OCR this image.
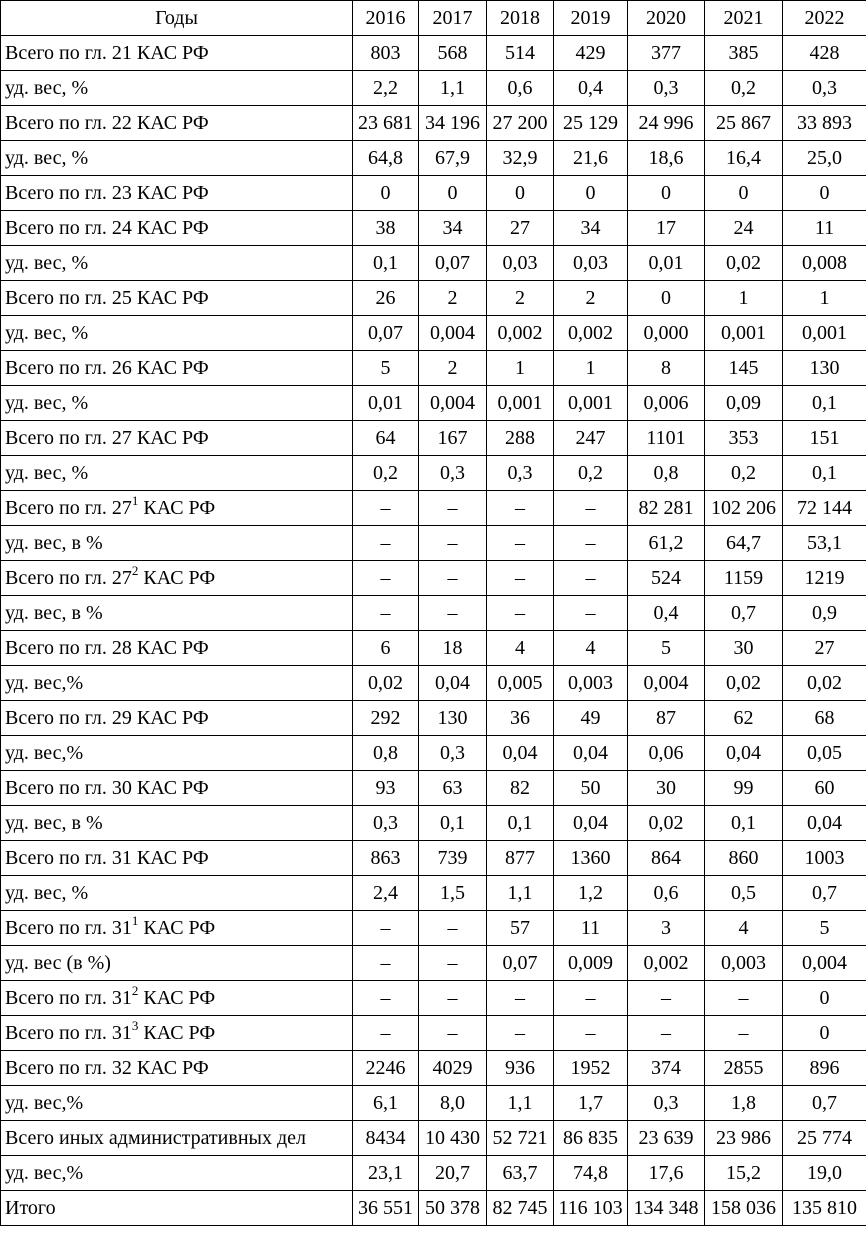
Годы	2016	2017	2018	2019	2020	2021	2022
Всего по гл. 21 КАС РФ	803	568	514	429	377	385	428
уд. вес, %	2,2	1,1	0,6	0,4	0,3	0,2	0,3
Всего по гл. 22 КАС РФ	23 681	34 196	27 200	25 129	24 996	25 867	33 893
уд. вес, %	64,8	67,9	32,9	21,6	18,6	16,4	25,0
Всего по гл. 23 КАС РФ	0	0	0	0	0	0	0
Всего по гл. 24 КАС РФ	38	34	27	34	17	24	11
уд. вес, %	0,1	0,07	0,03	0,03	0,01	0,02	0,008
Всего по гл. 25 КАС РФ	26	2	2	2	0	1	1
уд. вес, %	0,07	0,004	0,002	0,002	0,000	0,001	0,001
Всего по гл. 26 КАС РФ	5	2	1	1	8	145	130
уд. вес, %	0,01	0,004	0,001	0,001	0,006	0,09	0,1
Всего по гл. 27 КАС РФ	64	167	288	247	1101	353	151
уд. вес, %	0,2	0,3	0,3	0,2	0,8	0,2	0,1
Всего по гл. $27^1$ КАС РФ	–	–	–	–	82 281	102 206	72 144
уд. вес, в %	–	–	–	–	61,2	64,7	53,1
Всего по гл. $27^2$ КАС РФ	–	–	–	–	524	1159	1219
уд. вес, в %	–	–	–	–	0,4	0,7	0,9
Всего по гл. 28 КАС РФ	6	18	4	4	5	30	27
уд. вес,%	0,02	0,04	0,005	0,003	0,004	0,02	0,02
Всего по гл. 29 КАС РФ	292	130	36	49	87	62	68
уд. вес,%	0,8	0,3	0,04	0,04	0,06	0,04	0,05
Всего по гл. 30 КАС РФ	93	63	82	50	30	99	60
уд. вес, в %	0,3	0,1	0,1	0,04	0,02	0,1	0,04
Всего по гл. 31 КАС РФ	863	739	877	1360	864	860	1003
уд. вес, %	2,4	1,5	1,1	1,2	0,6	0,5	0,7
Всего по гл. $31^1$ КАС РФ	–	–	57	11	3	4	5
уд. вес (в %)	–	–	0,07	0,009	0,002	0,003	0,004
Всего по гл. $31^2$ КАС РФ	–	–	–	–	–	–	0
Всего по гл. $31^3$ КАС РФ	–	–	–	–	–	–	0
Всего по гл. 32 КАС РФ	2246	4029	936	1952	374	2855	896
уд. вес,%	6,1	8,0	1,1	1,7	0,3	1,8	0,7
Всего иных административных дел	8434	10 430	52 721	86 835	23 639	23 986	25 774
уд. вес,%	23,1	20,7	63,7	74,8	17,6	15,2	19,0
Итого	36 551	50 378	82 745	116 103	134 348	158 036	135 810
